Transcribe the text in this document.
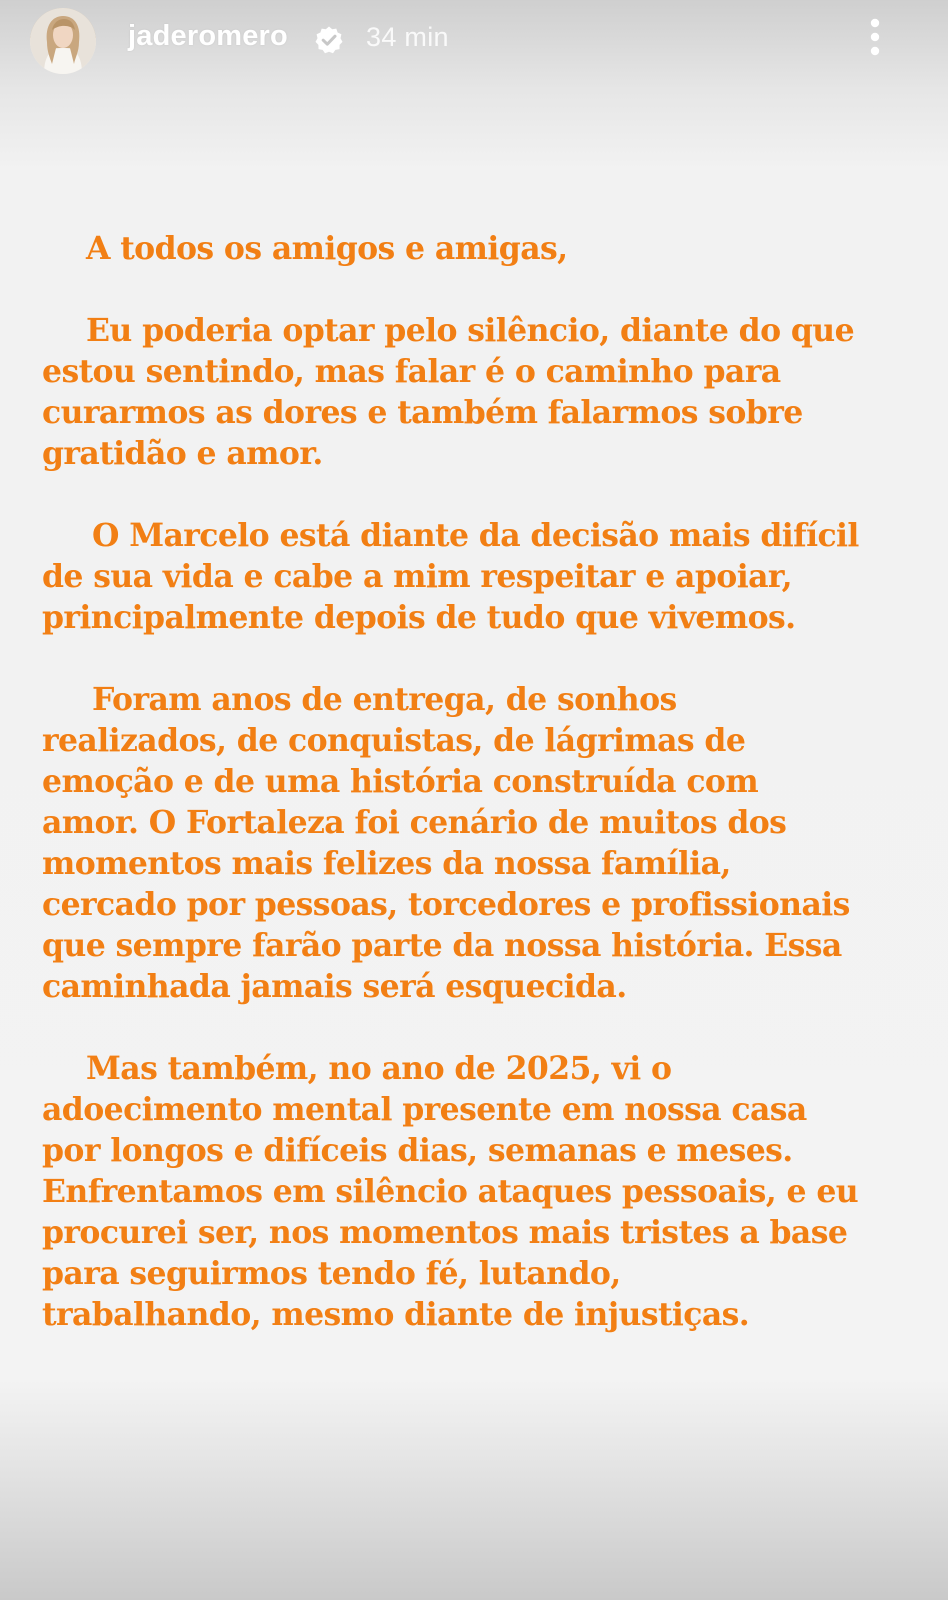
jaderomero	34 min

A todos os amigos e amigas,

Eu poderia optar pelo silêncio, diante do que
estou sentindo, mas falar é o caminho para
curarmos as dores e também falarmos sobre
gratidão e amor.

O Marcelo está diante da decisão mais difícil
de sua vida e cabe a mim respeitar e apoiar,
principalmente depois de tudo que vivemos.

Foram anos de entrega, de sonhos
realizados, de conquistas, de lágrimas de
emoção e de uma história construída com
amor. O Fortaleza foi cenário de muitos dos
momentos mais felizes da nossa família,
cercado por pessoas, torcedores e profissionais
que sempre farão parte da nossa história. Essa
caminhada jamais será esquecida.

Mas também, no ano de 2025, vi o
adoecimento mental presente em nossa casa
por longos e difíceis dias, semanas e meses.
Enfrentamos em silêncio ataques pessoais, e eu
procurei ser, nos momentos mais tristes a base
para seguirmos tendo fé, lutando,
trabalhando, mesmo diante de injustiças.
